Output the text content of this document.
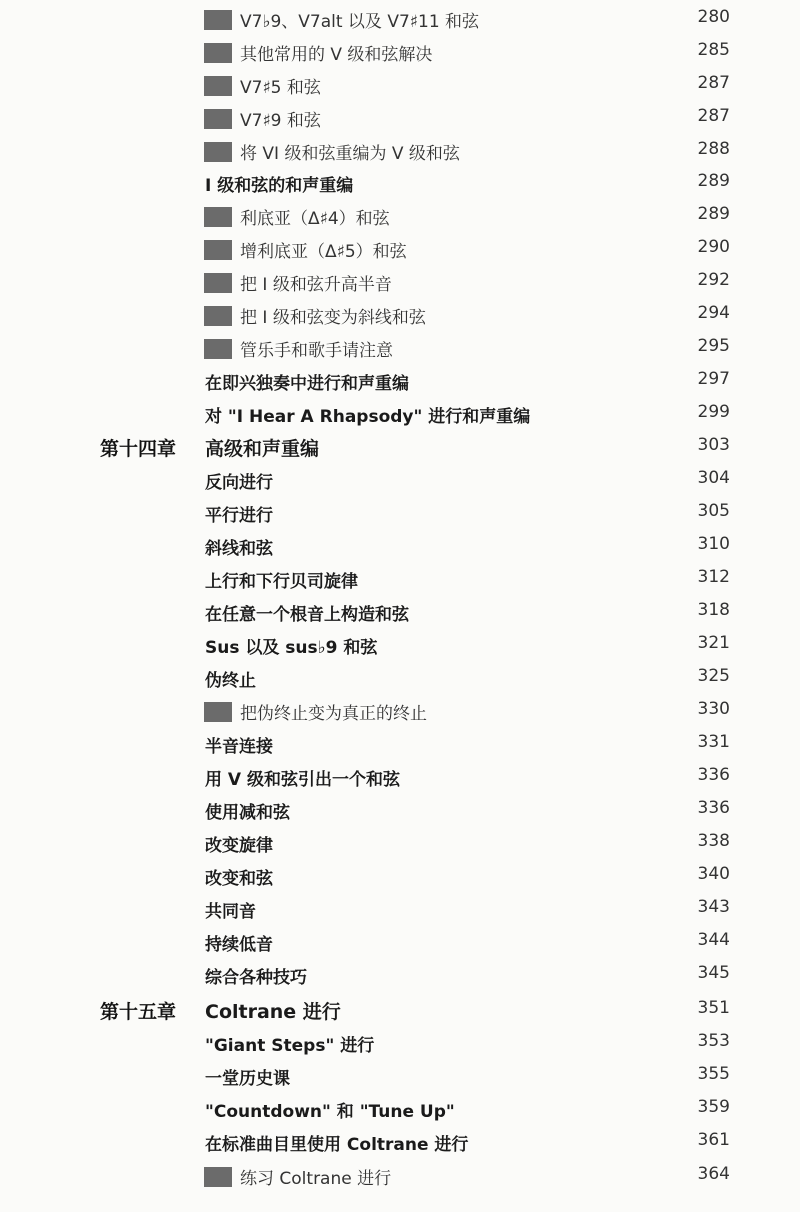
V7♭9、V7alt 以及 V7♯11 和弦	280
其他常用的 V 级和弦解决	285
V7♯5 和弦	287
V7♯9 和弦	287
将 VI 级和弦重编为 V 级和弦	288
I 级和弦的和声重编	289
利底亚（Δ♯4）和弦	289
增利底亚（Δ♯5）和弦	290
把 I 级和弦升高半音	292
把 I 级和弦变为斜线和弦	294
管乐手和歌手请注意	295
在即兴独奏中进行和声重编	297
对 "I Hear A Rhapsody" 进行和声重编	299
第十四章 高级和声重编	303
反向进行	304
平行进行	305
斜线和弦	310
上行和下行贝司旋律	312
在任意一个根音上构造和弦	318
Sus 以及 sus♭9 和弦	321
伪终止	325
把伪终止变为真正的终止	330
半音连接	331
用 V 级和弦引出一个和弦	336
使用减和弦	336
改变旋律	338
改变和弦	340
共同音	343
持续低音	344
综合各种技巧	345
第十五章 Coltrane 进行	351
"Giant Steps" 进行	353
一堂历史课	355
"Countdown" 和 "Tune Up"	359
在标准曲目里使用 Coltrane 进行	361
练习 Coltrane 进行	364
